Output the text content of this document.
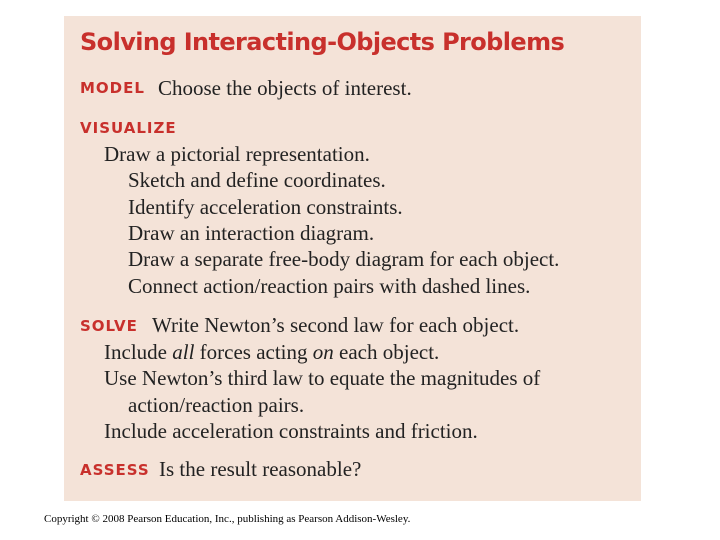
Solving Interacting-Objects Problems
MODEL Choose the objects of interest.
VISUALIZE
Draw a pictorial representation.
Sketch and define coordinates.
Identify acceleration constraints.
Draw an interaction diagram.
Draw a separate free-body diagram for each object.
Connect action/reaction pairs with dashed lines.
SOLVE Write Newton’s second law for each object.
Include all forces acting on each object.
Use Newton’s third law to equate the magnitudes of
action/reaction pairs.
Include acceleration constraints and friction.
ASSESS Is the result reasonable?
Copyright © 2008 Pearson Education, Inc., publishing as Pearson Addison-Wesley.
